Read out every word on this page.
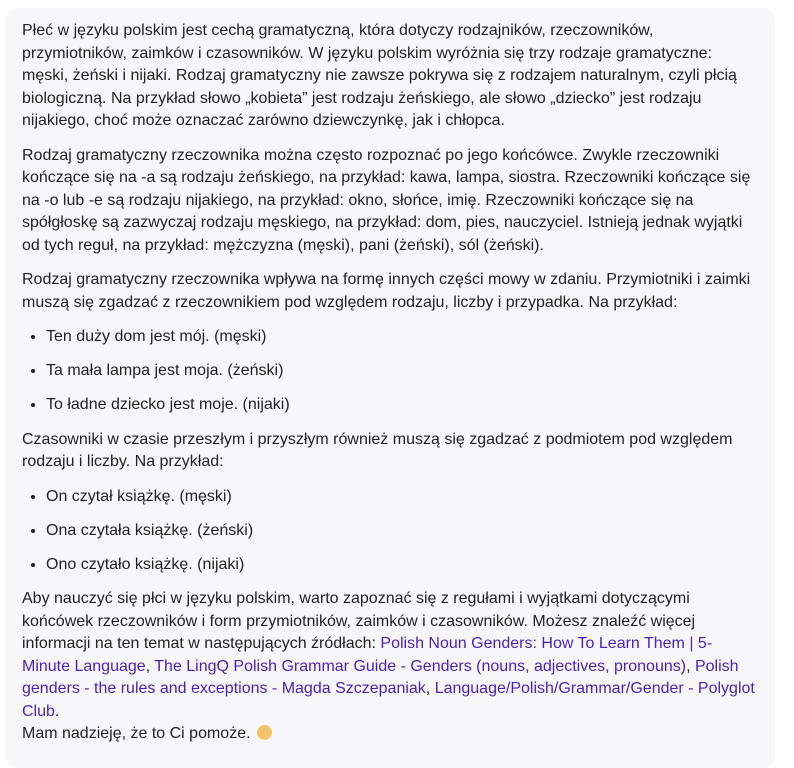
Płeć w języku polskim jest cechą gramatyczną, która dotyczy rodzajników, rzeczowników, przymiotników, zaimków i czasowników. W języku polskim wyróżnia się trzy rodzaje gramatyczne: męski, żeński i nijaki. Rodzaj gramatyczny nie zawsze pokrywa się z rodzajem naturalnym, czyli płcią biologiczną. Na przykład słowo „kobieta” jest rodzaju żeńskiego, ale słowo „dziecko” jest rodzaju nijakiego, choć może oznaczać zarówno dziewczynkę, jak i chłopca.

Rodzaj gramatyczny rzeczownika można często rozpoznać po jego końcówce. Zwykle rzeczowniki kończące się na -a są rodzaju żeńskiego, na przykład: kawa, lampa, siostra. Rzeczowniki kończące się na -o lub -e są rodzaju nijakiego, na przykład: okno, słońce, imię. Rzeczowniki kończące się na spółgłoskę są zazwyczaj rodzaju męskiego, na przykład: dom, pies, nauczyciel. Istnieją jednak wyjątki od tych reguł, na przykład: mężczyzna (męski), pani (żeński), sól (żeński).

Rodzaj gramatyczny rzeczownika wpływa na formę innych części mowy w zdaniu. Przymiotniki i zaimki muszą się zgadzać z rzeczownikiem pod względem rodzaju, liczby i przypadka. Na przykład:

• Ten duży dom jest mój. (męski)
• Ta mała lampa jest moja. (żeński)
• To ładne dziecko jest moje. (nijaki)

Czasowniki w czasie przeszłym i przyszłym również muszą się zgadzać z podmiotem pod względem rodzaju i liczby. Na przykład:

• On czytał książkę. (męski)
• Ona czytała książkę. (żeński)
• Ono czytało książkę. (nijaki)

Aby nauczyć się płci w języku polskim, warto zapoznać się z regułami i wyjątkami dotyczącymi końcówek rzeczowników i form przymiotników, zaimków i czasowników. Możesz znaleźć więcej informacji na ten temat w następujących źródłach: Polish Noun Genders: How To Learn Them | 5-Minute Language, The LingQ Polish Grammar Guide - Genders (nouns, adjectives, pronouns), Polish genders - the rules and exceptions - Magda Szczepaniak, Language/Polish/Grammar/Gender - Polyglot Club.
Mam nadzieję, że to Ci pomoże.
